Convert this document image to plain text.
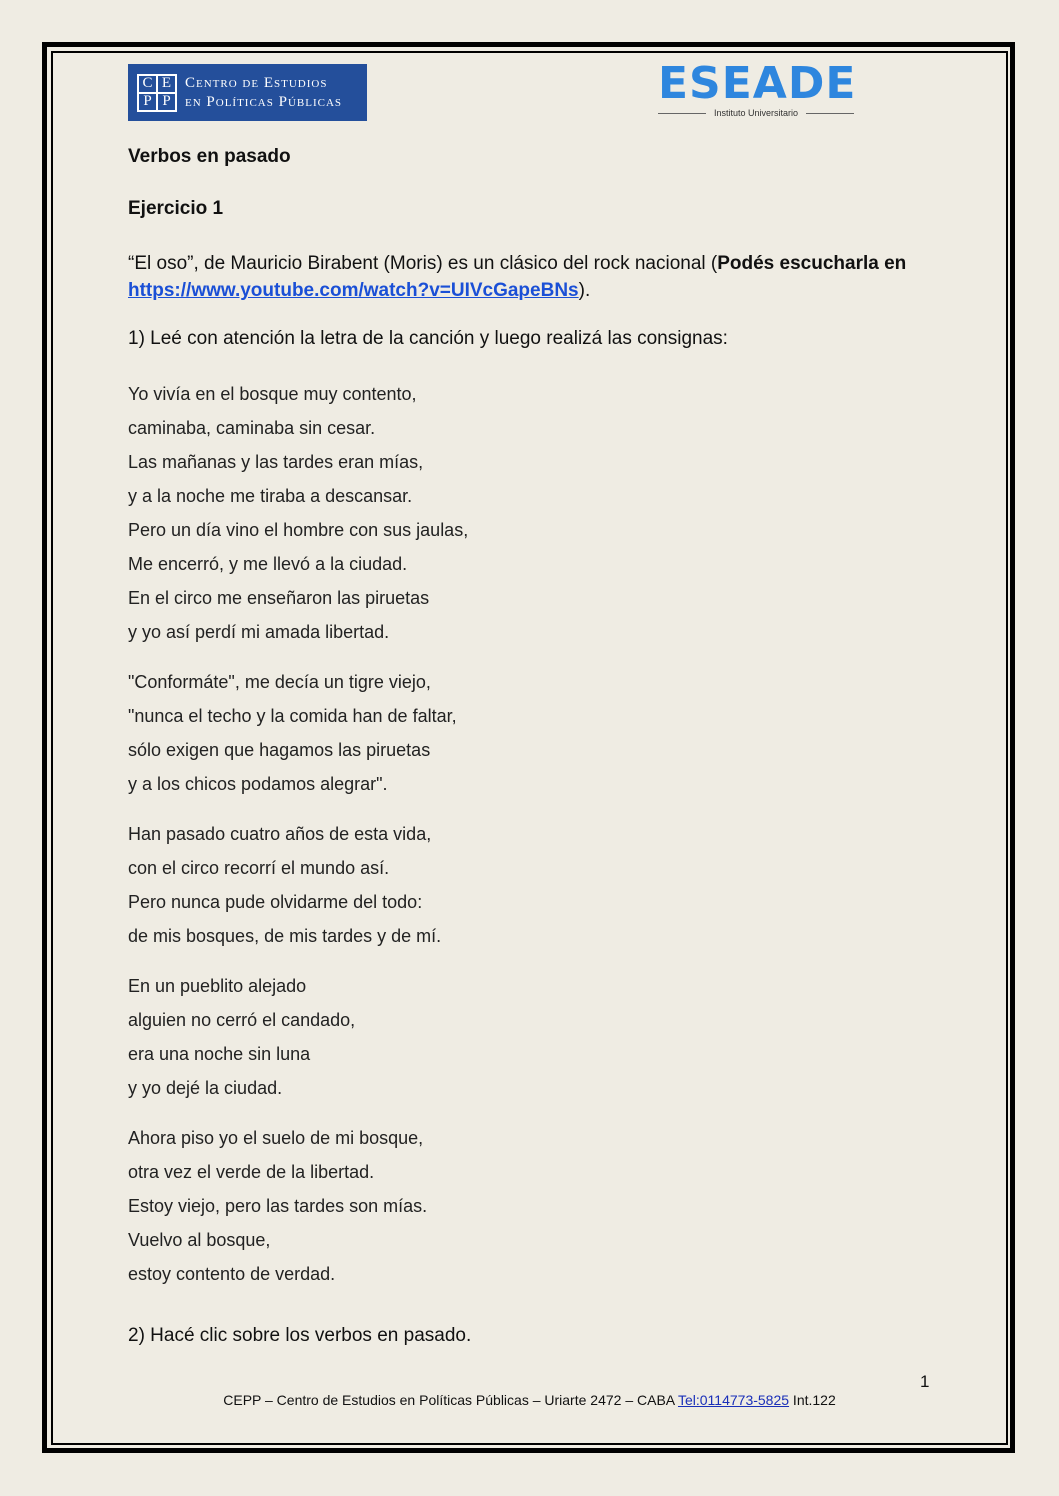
C E
P P
Centro de Estudios
en Políticas Públicas	ESEADE
Instituto Universitario
Verbos en pasado
Ejercicio 1
“El oso”, de Mauricio Birabent (Moris) es un clásico del rock nacional (Podés escucharla en
https://www.youtube.com/watch?v=UIVcGapeBNs).
1) Leé con atención la letra de la canción y luego realizá las consignas:
Yo vivía en el bosque muy contento,
caminaba, caminaba sin cesar.
Las mañanas y las tardes eran mías,
y a la noche me tiraba a descansar.
Pero un día vino el hombre con sus jaulas,
Me encerró, y me llevó a la ciudad.
En el circo me enseñaron las piruetas
y yo así perdí mi amada libertad.
"Conformáte", me decía un tigre viejo,
"nunca el techo y la comida han de faltar,
sólo exigen que hagamos las piruetas
y a los chicos podamos alegrar".
Han pasado cuatro años de esta vida,
con el circo recorrí el mundo así.
Pero nunca pude olvidarme del todo:
de mis bosques, de mis tardes y de mí.
En un pueblito alejado
alguien no cerró el candado,
era una noche sin luna
y yo dejé la ciudad.
Ahora piso yo el suelo de mi bosque,
otra vez el verde de la libertad.
Estoy viejo, pero las tardes son mías.
Vuelvo al bosque,
estoy contento de verdad.
2) Hacé clic sobre los verbos en pasado.
1
CEPP – Centro de Estudios en Políticas Públicas – Uriarte 2472 – CABA Tel:0114773-5825 Int.122
